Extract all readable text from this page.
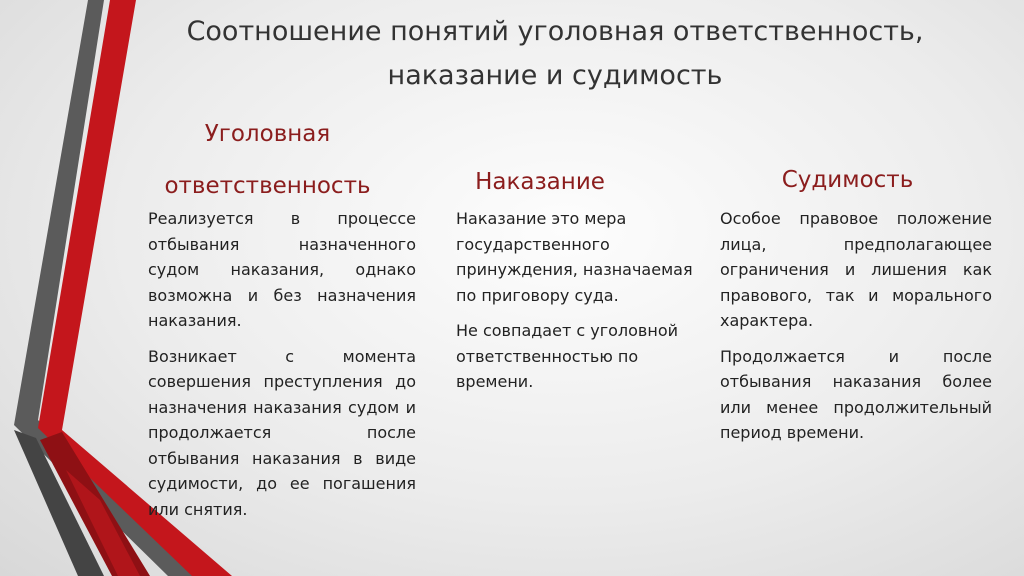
Соотношение понятий уголовная ответственность,
наказание и судимость
Уголовная
ответственность

Реализуется в процессе отбывания назначенного судом наказания, однако возможна и без назначения наказания.

Возникает с момента совершения преступления до назначения наказания судом и продолжается после отбывания наказания в виде судимости, до ее погашения или снятия.

Наказание

Наказание это мера государственного принуждения, назначаемая по приговору суда.

Не совпадает с уголовной ответственностью по времени.

Судимость

Особое правовое положение лица, предполагающее ограничения и лишения как правового, так и морального характера.

Продолжается и после отбывания наказания более или менее продолжительный период времени.
